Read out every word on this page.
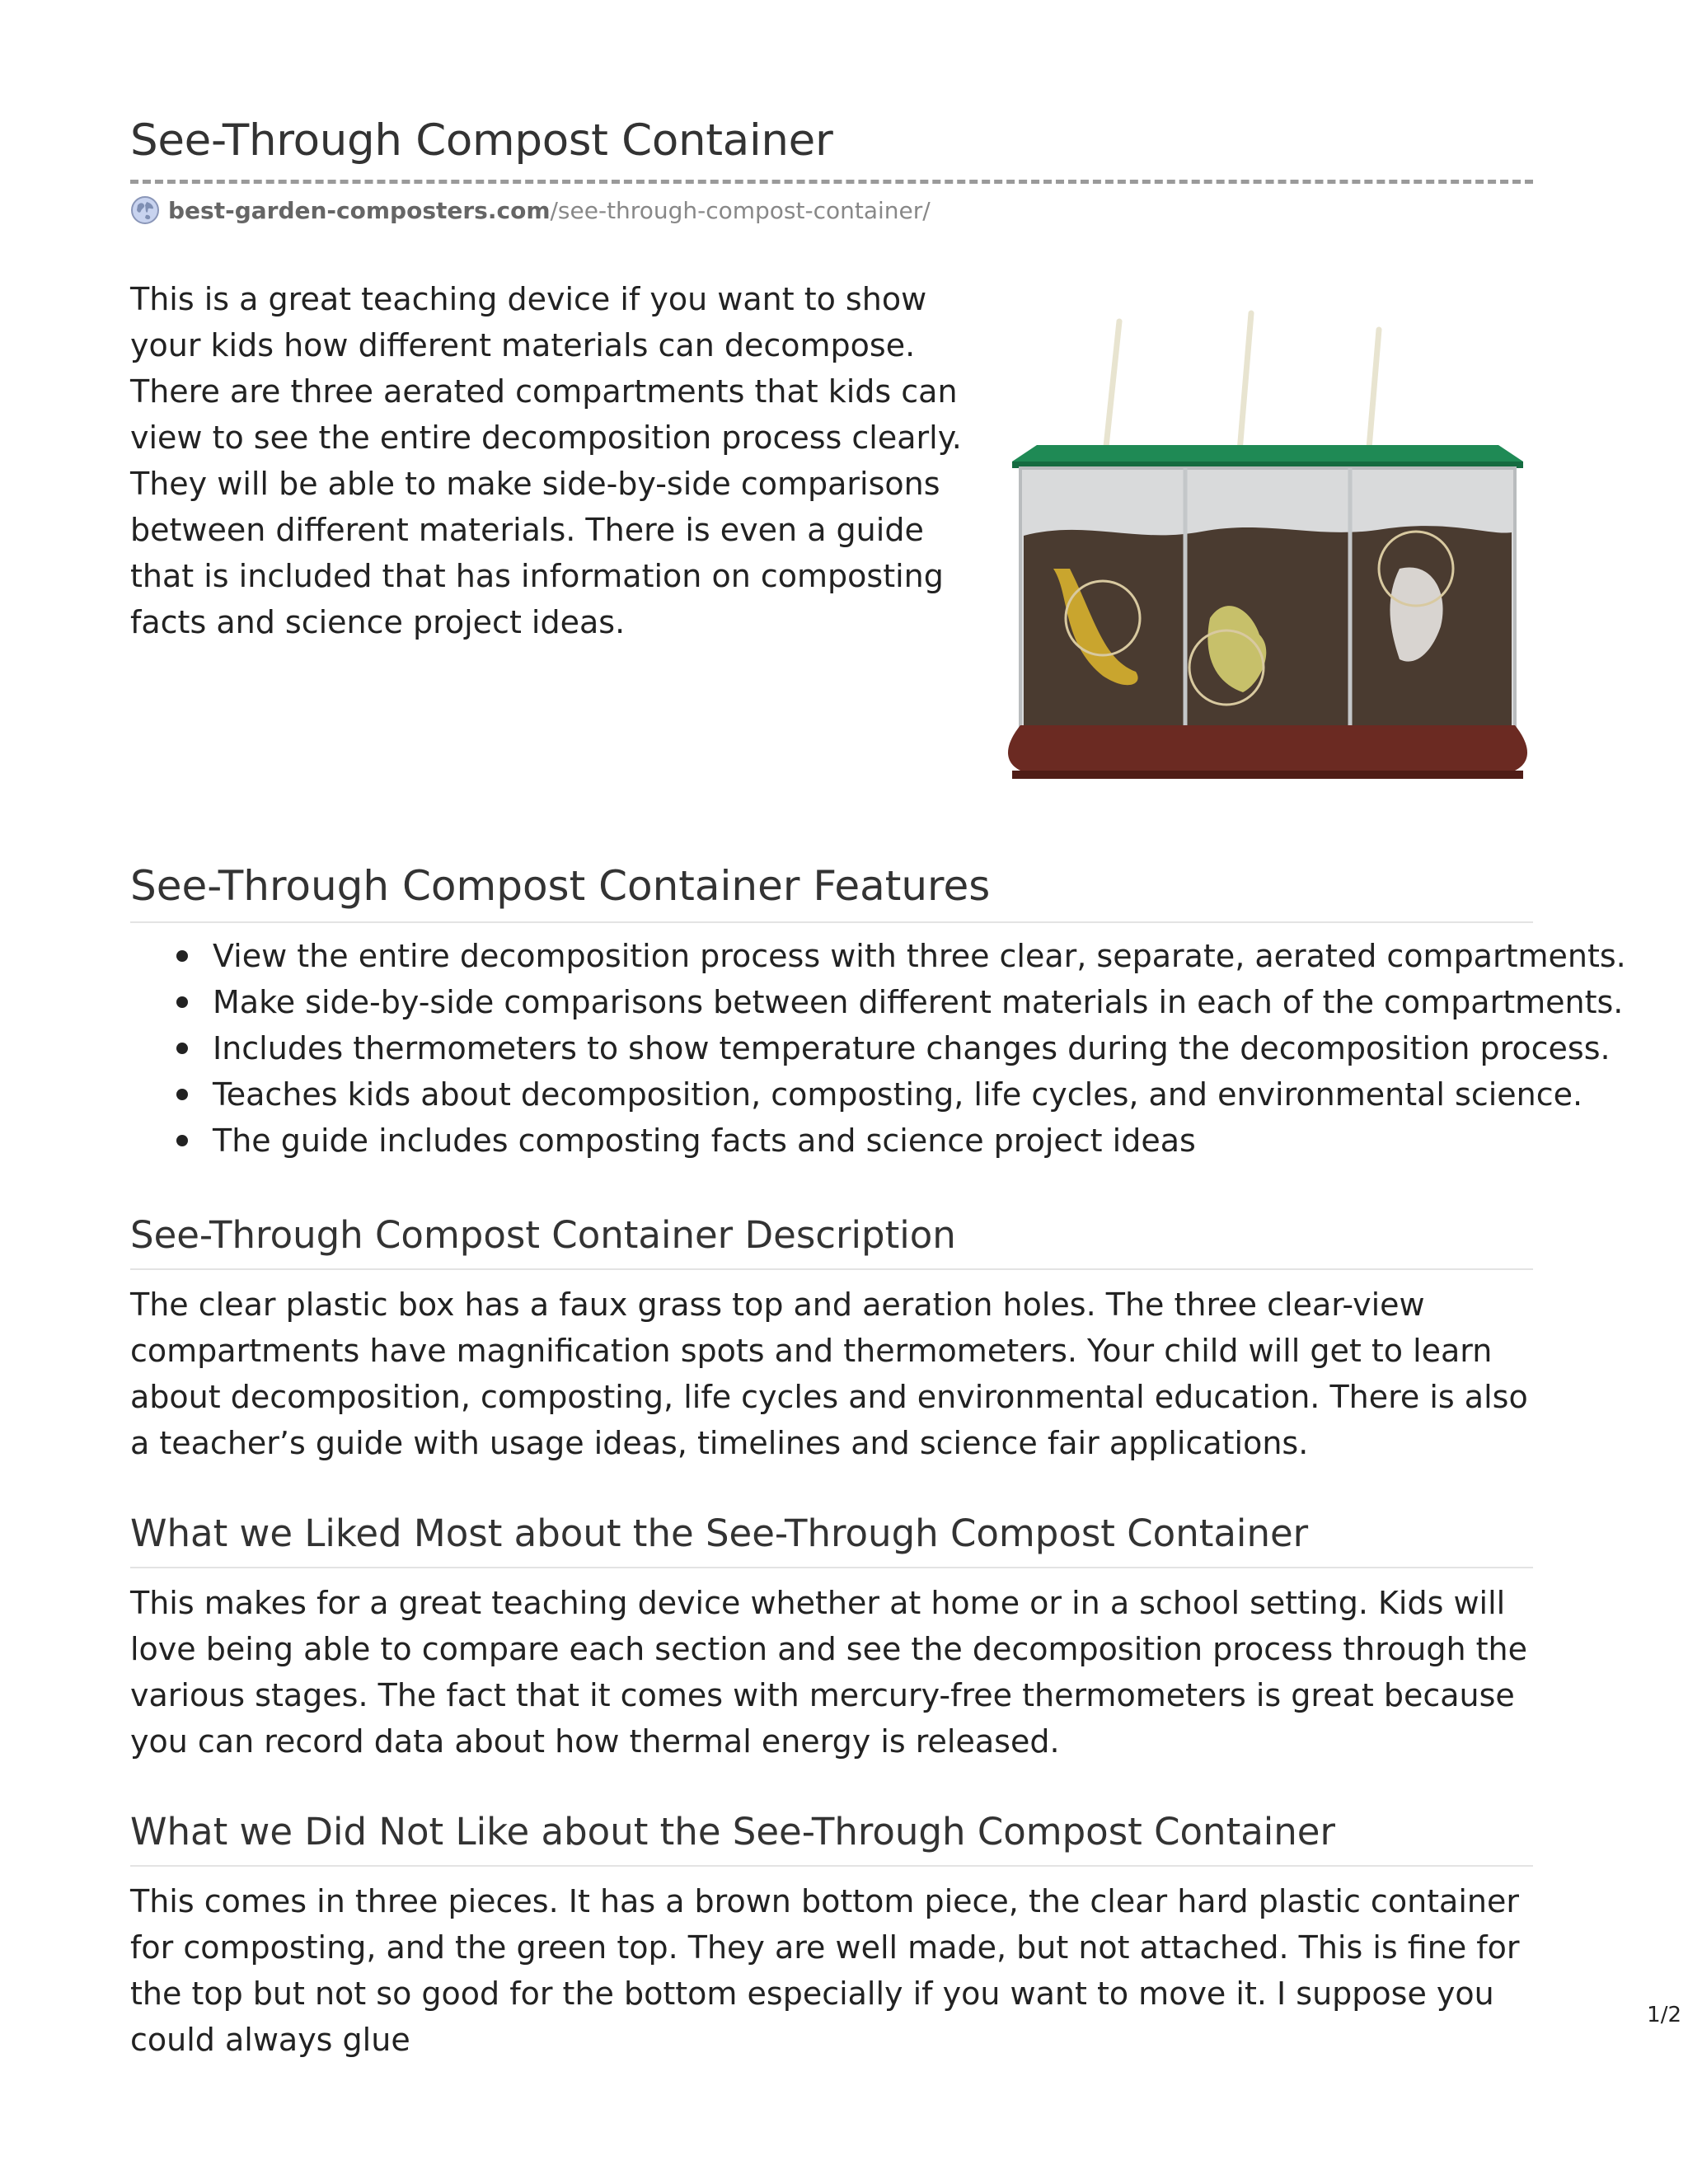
See-Through Compost Container
best-garden-composters.com /see-through-compost-container/
This is a great teaching device if you want to show your kids how different materials can decompose. There are three aerated compartments that kids can view to see the entire decomposition process clearly. They will be able to make side-by-side comparisons between different materials. There is even a guide that is included that has information on composting facts and science project ideas.
See-Through Compost Container Features
View the entire decomposition process with three clear, separate, aerated compartments.
Make side-by-side comparisons between different materials in each of the compartments.
Includes thermometers to show temperature changes during the decomposition process.
Teaches kids about decomposition, composting, life cycles, and environmental science.
The guide includes composting facts and science project ideas
See-Through Compost Container Description
The clear plastic box has a faux grass top and aeration holes. The three clear-view compartments have magnification spots and thermometers. Your child will get to learn about decomposition, composting, life cycles and environmental education. There is also a teacher’s guide with usage ideas, timelines and science fair applications.
What we Liked Most about the See-Through Compost Container
This makes for a great teaching device whether at home or in a school setting. Kids will love being able to compare each section and see the decomposition process through the various stages. The fact that it comes with mercury-free thermometers is great because you can record data about how thermal energy is released.
What we Did Not Like about the See-Through Compost Container
This comes in three pieces. It has a brown bottom piece, the clear hard plastic container for composting, and the green top. They are well made, but not attached. This is fine for the top but not so good for the bottom especially if you want to move it. I suppose you could always glue
1/2
